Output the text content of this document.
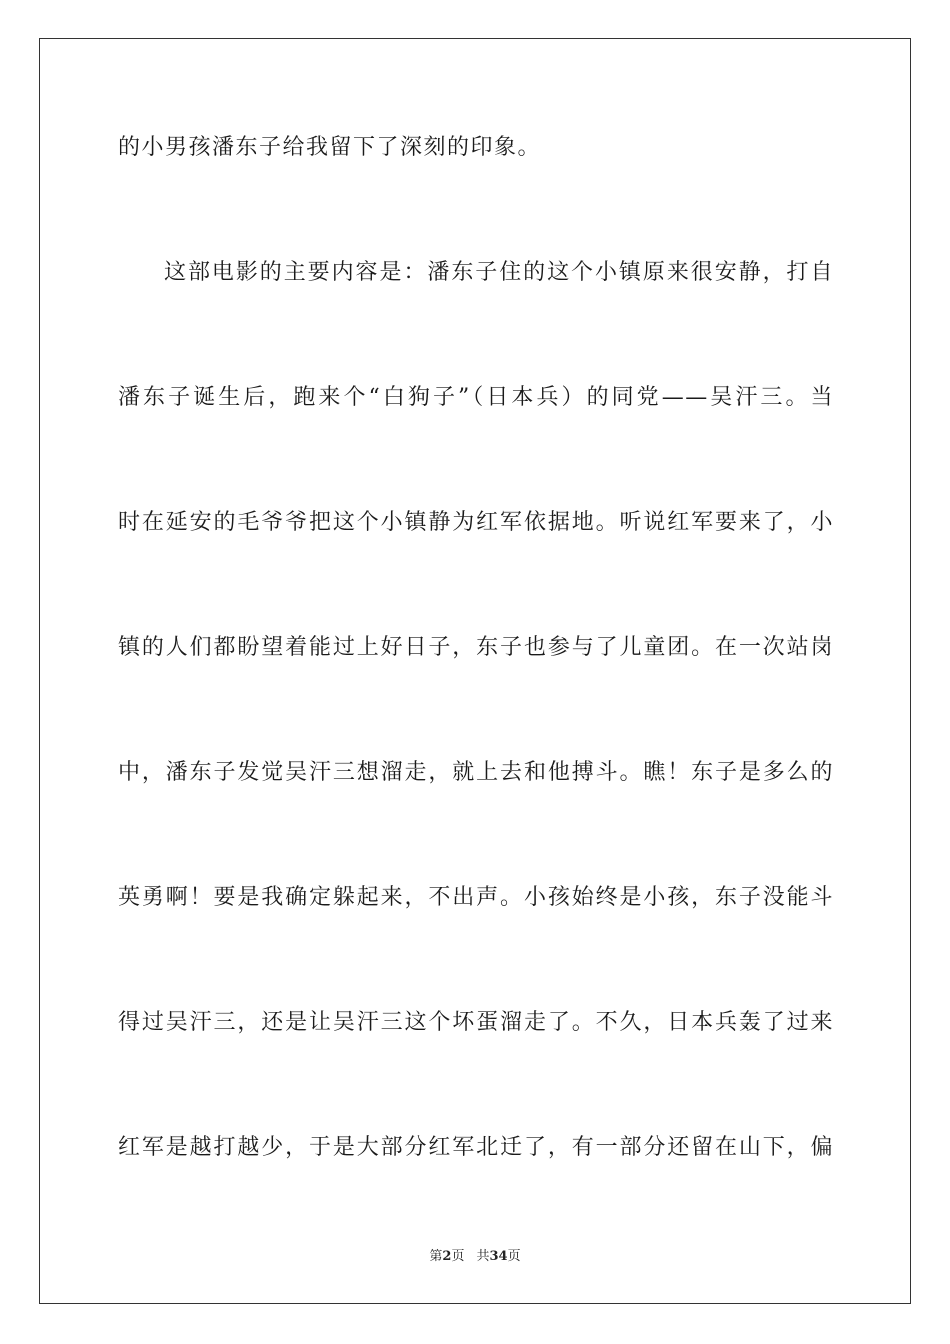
的小男孩潘东子给我留下了深刻的印象。
这部电影的主要内容是：潘东子住的这个小镇原来很安静，打自
潘东子诞生后，跑来个“白狗子”（日本兵）的同党——吴汗三。当
时在延安的毛爷爷把这个小镇静为红军依据地。听说红军要来了，小
镇的人们都盼望着能过上好日子，东子也参与了儿童团。在一次站岗
中，潘东子发觉吴汗三想溜走，就上去和他搏斗。瞧！东子是多么的
英勇啊！要是我确定躲起来，不出声。小孩始终是小孩，东子没能斗
得过吴汗三，还是让吴汗三这个坏蛋溜走了。不久，日本兵轰了过来
红军是越打越少，于是大部分红军北迁了，有一部分还留在山下，偏
第2页 共34页
